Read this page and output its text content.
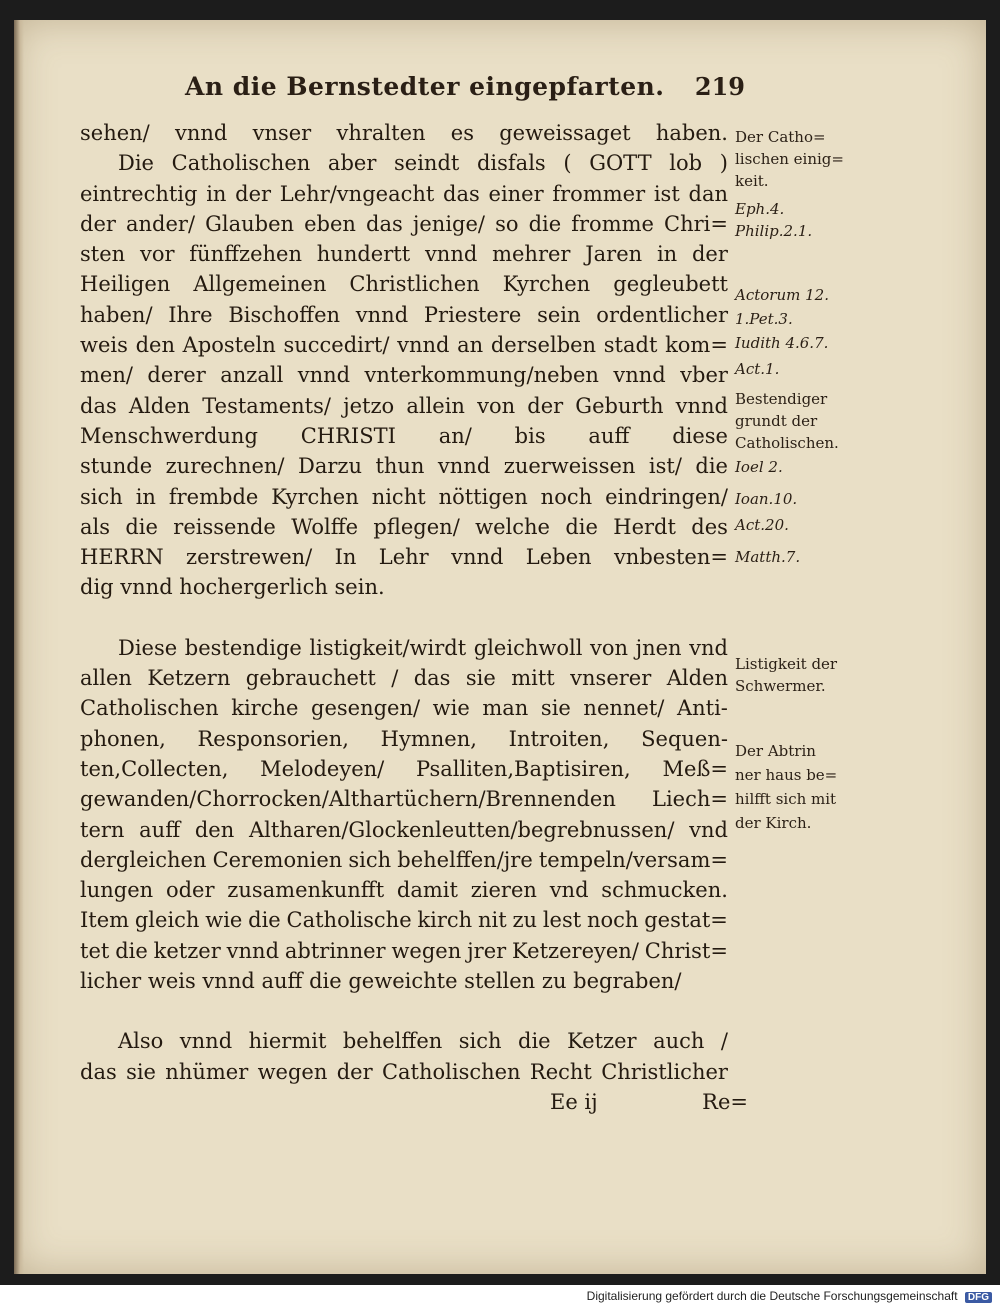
An die Bernstedter eingepfarten. 219
sehen/ vnnd vnser vhralten es geweissaget haben.
Die Catholischen aber seindt disfals ( GOTT lob )
eintrechtig in der Lehr/vngeacht das einer frommer ist dan
der ander/ Glauben eben das jenige/ so die fromme Chri=
sten vor fünffzehen hundertt vnnd mehrer Jaren in der
Heiligen Allgemeinen Christlichen Kyrchen gegleubett
haben/ Ihre Bischoffen vnnd Priestere sein ordentlicher
weis den Aposteln succedirt/ vnnd an derselben stadt kom=
men/ derer anzall vnnd vnterkommung/neben vnnd vber
das Alden Testaments/ jetzo allein von der Geburth vnnd
Menschwerdung CHRISTI an/ bis auff diese
stunde zurechnen/ Darzu thun vnnd zuerweissen ist/ die
sich in frembde Kyrchen nicht nöttigen noch eindringen/
als die reissende Wolffe pflegen/ welche die Herdt des
HERRN zerstrewen/ In Lehr vnnd Leben vnbesten=
dig vnnd hochergerlich sein.
Diese bestendige listigkeit/wirdt gleichwoll von jnen vnd
allen Ketzern gebrauchett / das sie mitt vnserer Alden
Catholischen kirche gesengen/ wie man sie nennet/ Anti-
phonen, Responsorien, Hymnen, Introiten, Sequen-
ten,Collecten, Melodeyen/ Psalliten,Baptisiren, Meß=
gewanden/Chorrocken/Althartüchern/Brennenden Liech=
tern auff den Altharen/Glockenleutten/begrebnussen/ vnd
dergleichen Ceremonien sich behelffen/jre tempeln/versam=
lungen oder zusamenkunfft damit zieren vnd schmucken.
Item gleich wie die Catholische kirch nit zu lest noch gestat=
tet die ketzer vnnd abtrinner wegen jrer Ketzereyen/ Christ=
licher weis vnnd auff die geweichte stellen zu begraben/
Also vnnd hiermit behelffen sich die Ketzer auch /
das sie nhümer wegen der Catholischen Recht Christlicher
Ee ij	Re=
Der Catho=
lischen einig=
keit.
Eph.4.
Philip.2.1.
Actorum 12.
1.Pet.3.
Iudith 4.6.7.
Act.1.
Bestendiger
grundt der
Catholischen.
Ioel 2.
Ioan.10.
Act.20.
Matth.7.
Listigkeit der
Schwermer.
Der Abtrin
ner haus be=
hilfft sich mit
der Kirch.
Digitalisierung gefördert durch die Deutsche Forschungsgemeinschaft DFG
